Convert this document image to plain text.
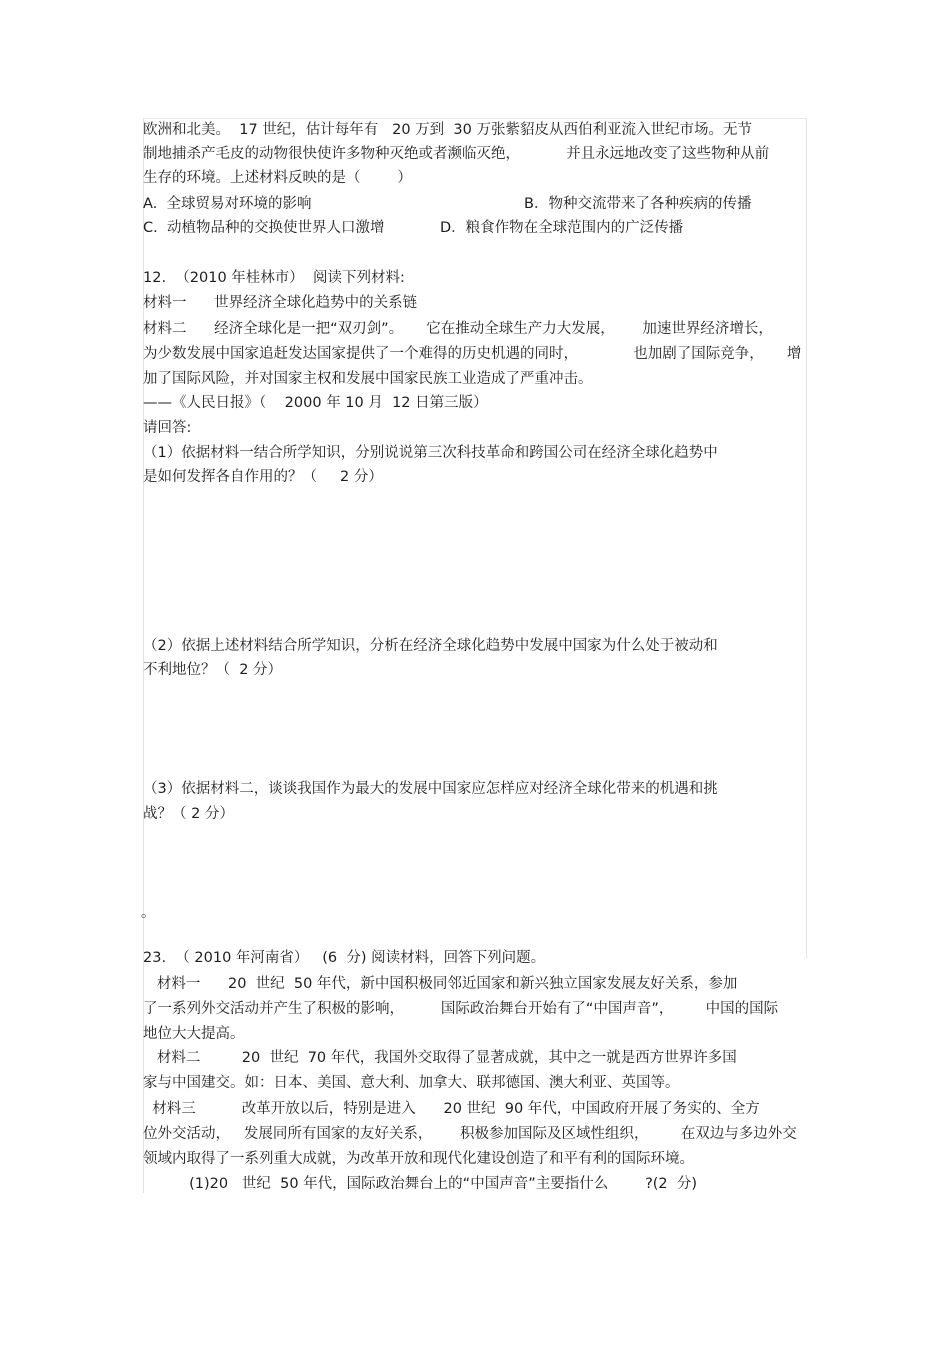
欧洲和北美。  17 世纪，估计每年有   20 万到  30 万张紫貂皮从西伯利亚流入世纪市场。无节
制地捕杀产毛皮的动物很快使许多物种灭绝或者濒临灭绝，          并且永远地改变了这些物种从前
生存的环境。上述材料反映的是（        ）
A.  全球贸易对环境的影响	B．物种交流带来了各种疾病的传播
C.  动植物品种的交换使世界人口激增	D．粮食作物在全球范围内的广泛传播
12.  （2010 年桂林市）  阅读下列材料:
材料一      世界经济全球化趋势中的关系链
材料二      经济全球化是一把“双刃剑”。     它在推动全球生产力大发展，      加速世界经济增长，
为少数发展中国家追赶发达国家提供了一个难得的历史机遇的同时，            也加剧了国际竞争，     增
加了国际风险，并对国家主权和发展中国家民族工业造成了严重冲击。
——《人民日报》（    2000 年 10 月  12 日第三版）
请回答:
（1）依据材料一结合所学知识，分别说说第三次科技革命和跨国公司在经济全球化趋势中
是如何发挥各自作用的？（     2 分）
（2）依据上述材料结合所学知识，分析在经济全球化趋势中发展中国家为什么处于被动和
不利地位？（  2 分）
（3）依据材料二，谈谈我国作为最大的发展中国家应怎样应对经济全球化带来的机遇和挑
战？（ 2 分）
。
23.  （ 2010 年河南省）   (6  分) 阅读材料，回答下列问题。
材料一      20  世纪  50 年代，新中国积极同邻近国家和新兴独立国家发展友好关系，参加
了一系列外交活动并产生了积极的影响，        国际政治舞台开始有了“中国声音”，       中国的国际
地位大大提高。
材料二         20  世纪  70 年代，我国外交取得了显著成就，其中之一就是西方世界许多国
家与中国建交。如：日本、美国、意大利、加拿大、联邦德国、澳大利亚、英国等。
材料三          改革开放以后，特别是进入      20 世纪  90 年代，中国政府开展了务实的、全方
位外交活动，   发展同所有国家的友好关系，      积极参加国际及区域性组织，       在双边与多边外交
领域内取得了一系列重大成就，为改革开放和现代化建设创造了和平有利的国际环境。
(1)20   世纪  50 年代，国际政治舞台上的“中国声音”主要指什么        ?(2  分)
